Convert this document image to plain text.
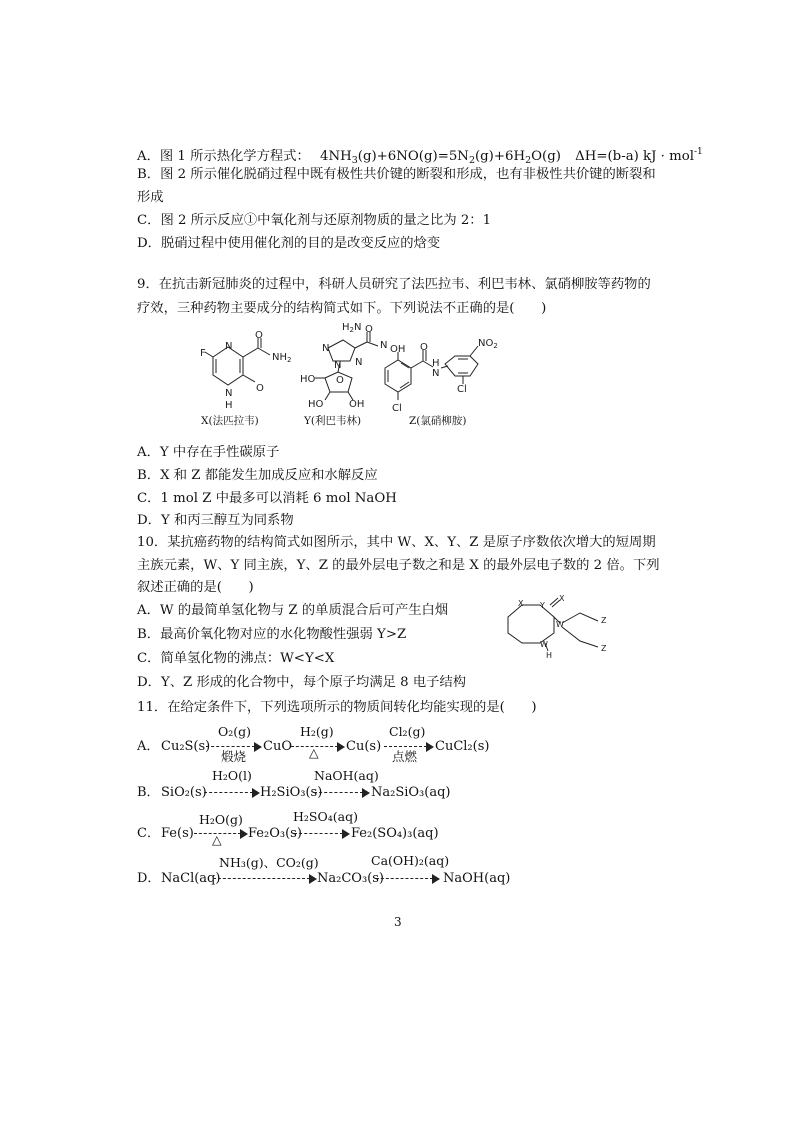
A．图 1 所示热化学方程式： $4NH_3(g)+6NO(g)=5N_2(g)+6H_2O(g)$ ΔH=(b-a) kJ · mol$^{-1}$
B．图 2 所示催化脱硝过程中既有极性共价键的断裂和形成，也有非极性共价键的断裂和
形成
C．图 2 所示反应①中氧化剂与还原剂物质的量之比为 2：1
D．脱硝过程中使用催化剂的目的是改变反应的焓变
9．在抗击新冠肺炎的过程中，科研人员研究了法匹拉韦、利巴韦林、氯硝柳胺等药物的
疗效，三种药物主要成分的结构简式如下。下列说法不正确的是(　　)
F
N
O
$NH_2$
O
N
H
$H_2N$ O
N
N
N
N
O
HO
HO	OH
OH O
N
H
$NO_2$
Cl
Cl
X(法匹拉韦)	Y(利巴韦林)	Z(氯硝柳胺)
A．Y 中存在手性碳原子
B．X 和 Z 都能发生加成反应和水解反应
C．1 mol Z 中最多可以消耗 6 mol NaOH
D．Y 和丙三醇互为同系物
10．某抗癌药物的结构简式如图所示，其中 W、X、Y、Z 是原子序数依次增大的短周期
主族元素，W、Y 同主族，Y、Z 的最外层电子数之和是 X 的最外层电子数的 2 倍。下列
叙述正确的是(　　)
A．W 的最简单氢化物与 Z 的单质混合后可产生白烟
B．最高价氧化物对应的水化物酸性强弱 Y>Z
C．简单氢化物的沸点：W<Y<X
D．Y、Z 形成的化合物中，每个原子均满足 8 电子结构
X Y
X
W
W
H
Z
Z
11．在给定条件下，下列选项所示的物质间转化均能实现的是(　　)
A． Cu₂S(s)
O₂(g)
煅烧
CuO
H₂(g)
△ Cu(s)
Cl₂(g)
点燃
CuCl₂(s)
H₂O(l)	NaOH(aq)
B． SiO₂(s)	H₂SiO₃(s)	Na₂SiO₃(aq)
H₂O(g)	H₂SO₄(aq)
C． Fe(s) △ Fe₂O₃(s)	Fe₂(SO₄)₃(aq)
NH₃(g)、CO₂(g)	Ca(OH)₂(aq)
D． NaCl(aq)	Na₂CO₃(s)	NaOH(aq)
3
